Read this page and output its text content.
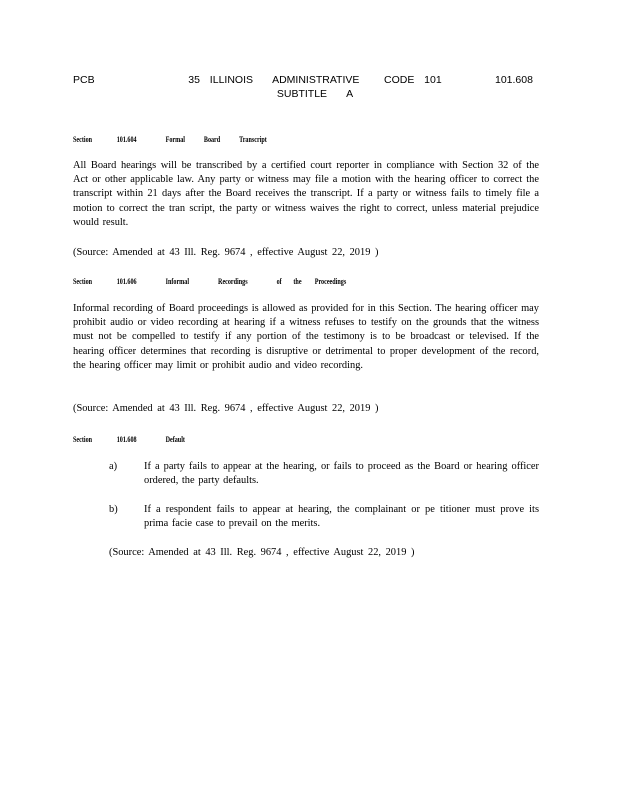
PCB	35  ILLINOIS    ADMINISTRATIVE     CODE  101
SUBTITLE    A
101.608
Section	101.604	Formal Board Transcript
All Board hearings will be transcribed by a certified court reporter in compliance with Section 32 of the Act or other applicable law. Any party or witness may file a motion with the hearing officer to correct the transcript within 21 days after the Board receives the transcript. If a party or witness fails to timely file a motion to correct the tran script, the party or witness waives the right to correct, unless material prejudice would result.
(Source: Amended at 43 Ill. Reg. 9674 , effective August 22, 2019 )
Section	101.606	Informal	Recordings	of the Proceedings
Informal recording of Board proceedings is allowed as provided for in this Section. The hearing officer may prohibit audio or video recording at hearing if a witness refuses to testify on the grounds that the witness must not be compelled to testify if any portion of the testimony is to be broadcast or televised. If the hearing officer determines that recording is disruptive or detrimental to proper development of the record, the hearing officer may limit or prohibit audio and video recording.
(Source: Amended at 43 Ill. Reg. 9674 , effective August 22, 2019 )
Section	101.608	Default
a)	If a party fails to appear at the hearing, or fails to proceed as the Board or hearing officer ordered, the party defaults.
b)	If a respondent fails to appear at hearing, the complainant or pe titioner must prove its prima facie case to prevail on the merits.
(Source: Amended at 43 Ill. Reg. 9674 , effective August 22, 2019 )
